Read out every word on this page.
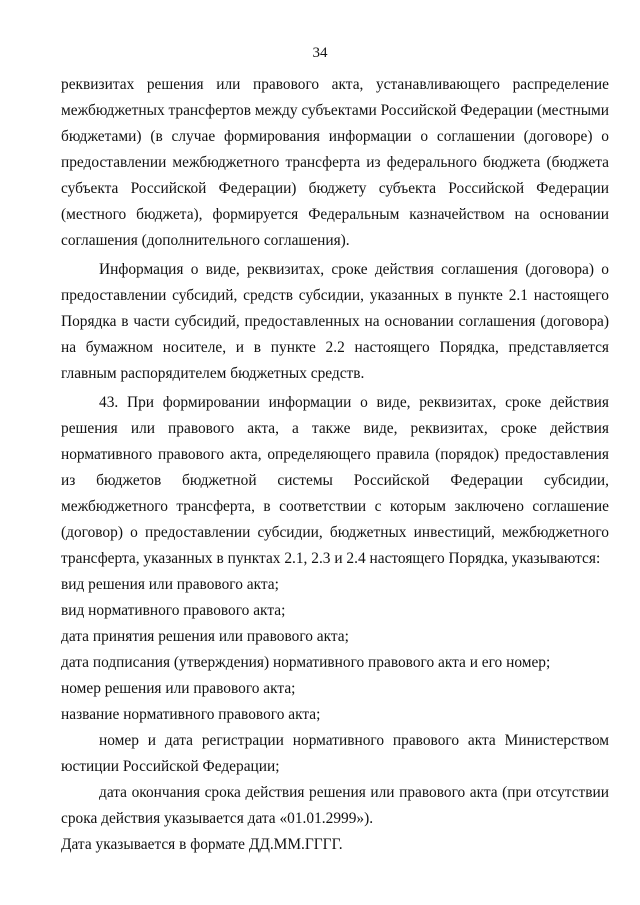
34

реквизитах решения или правового акта, устанавливающего распределение межбюджетных трансфертов между субъектами Российской Федерации (местными бюджетами) (в случае формирования информации о соглашении (договоре) о предоставлении межбюджетного трансферта из федерального бюджета (бюджета субъекта Российской Федерации) бюджету субъекта Российской Федерации (местного бюджета), формируется Федеральным казначейством на основании соглашения (дополнительного соглашения).

Информация о виде, реквизитах, сроке действия соглашения (договора) о предоставлении субсидий, средств субсидии, указанных в пункте 2.1 настоящего Порядка в части субсидий, предоставленных на основании соглашения (договора) на бумажном носителе, и в пункте 2.2 настоящего Порядка, представляется главным распорядителем бюджетных средств.

43. При формировании информации о виде, реквизитах, сроке действия решения или правового акта, а также виде, реквизитах, сроке действия нормативного правового акта, определяющего правила (порядок) предоставления из бюджетов бюджетной системы Российской Федерации субсидии, межбюджетного трансферта, в соответствии с которым заключено соглашение (договор) о предоставлении субсидии, бюджетных инвестиций, межбюджетного трансферта, указанных в пунктах 2.1, 2.3 и 2.4 настоящего Порядка, указываются:

вид решения или правового акта;

вид нормативного правового акта;

дата принятия решения или правового акта;

дата подписания (утверждения) нормативного правового акта и его номер;

номер решения или правового акта;

название нормативного правового акта;

номер и дата регистрации нормативного правового акта Министерством юстиции Российской Федерации;

дата окончания срока действия решения или правового акта (при отсутствии срока действия указывается дата «01.01.2999»).

Дата указывается в формате ДД.ММ.ГГГГ.
